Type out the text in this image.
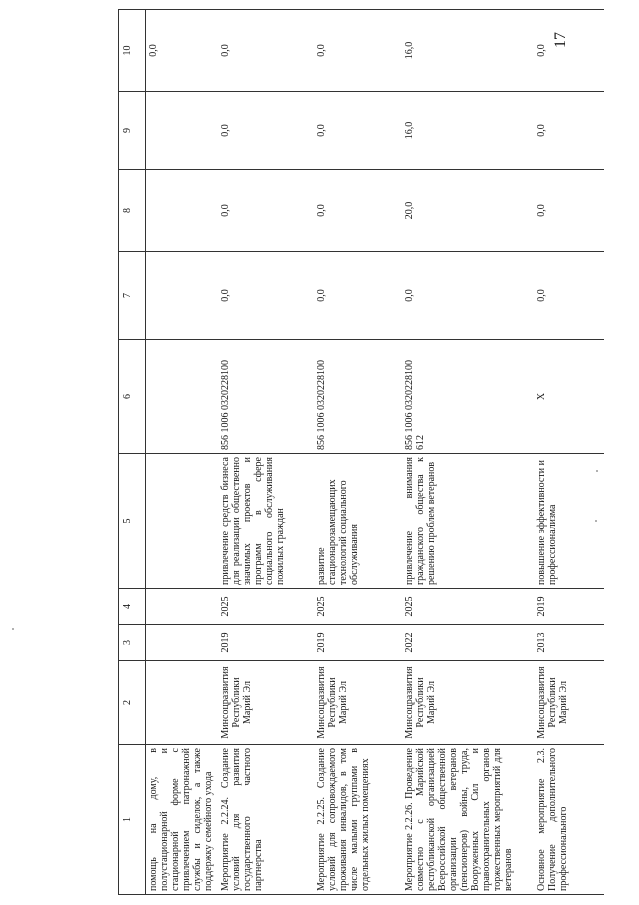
17
1	2	3	4	5	6	7	8	9	10
помощь на дому, в полустационарной и стационарной форме с привлечением патронажной службы и сиделок, а также поддержку семейного ухода									0,0
Мероприятие 2.2.24. Создание условий для развития государственного частного партнерства	Минсоцразвития Республики Марий Эл	2019	2025	привлечение средств бизнеса для реализации общественно значимых проектов и программ в сфере социального обслуживания пожилых граждан	856 1006 0320228100	0,0	0,0	0,0	0,0
Мероприятие 2.2.25. Создание условий для сопровождаемого проживания инвалидов, в том числе малыми группами в отдельных жилых помещениях	Минсоцразвития Республики Марий Эл	2019	2025	развитие стационарозамещающих технологий социального обслуживания	856 1006 0320228100	0,0	0,0	0,0	0,0
Мероприятие 2.2.26. Проведение совместно с Марийской республиканской организацией Всероссийской общественной организации ветеранов (пенсионеров) войны, труда, Вооруженных Сил и правоохранительных органов торжественных мероприятий для ветеранов	Минсоцразвития Республики Марий Эл	2022	2025	привлечение внимания гражданского общества к решению проблем ветеранов	856 1006 0320228100 612	0,0	20,0	16,0	16,0
Основное мероприятие 2.3. Получение дополнительного профессионального	Минсоцразвития Республики Марий Эл	2013	2019	повышение эффективности и профессионализма	Х	0,0	0,0	0,0	0,0
